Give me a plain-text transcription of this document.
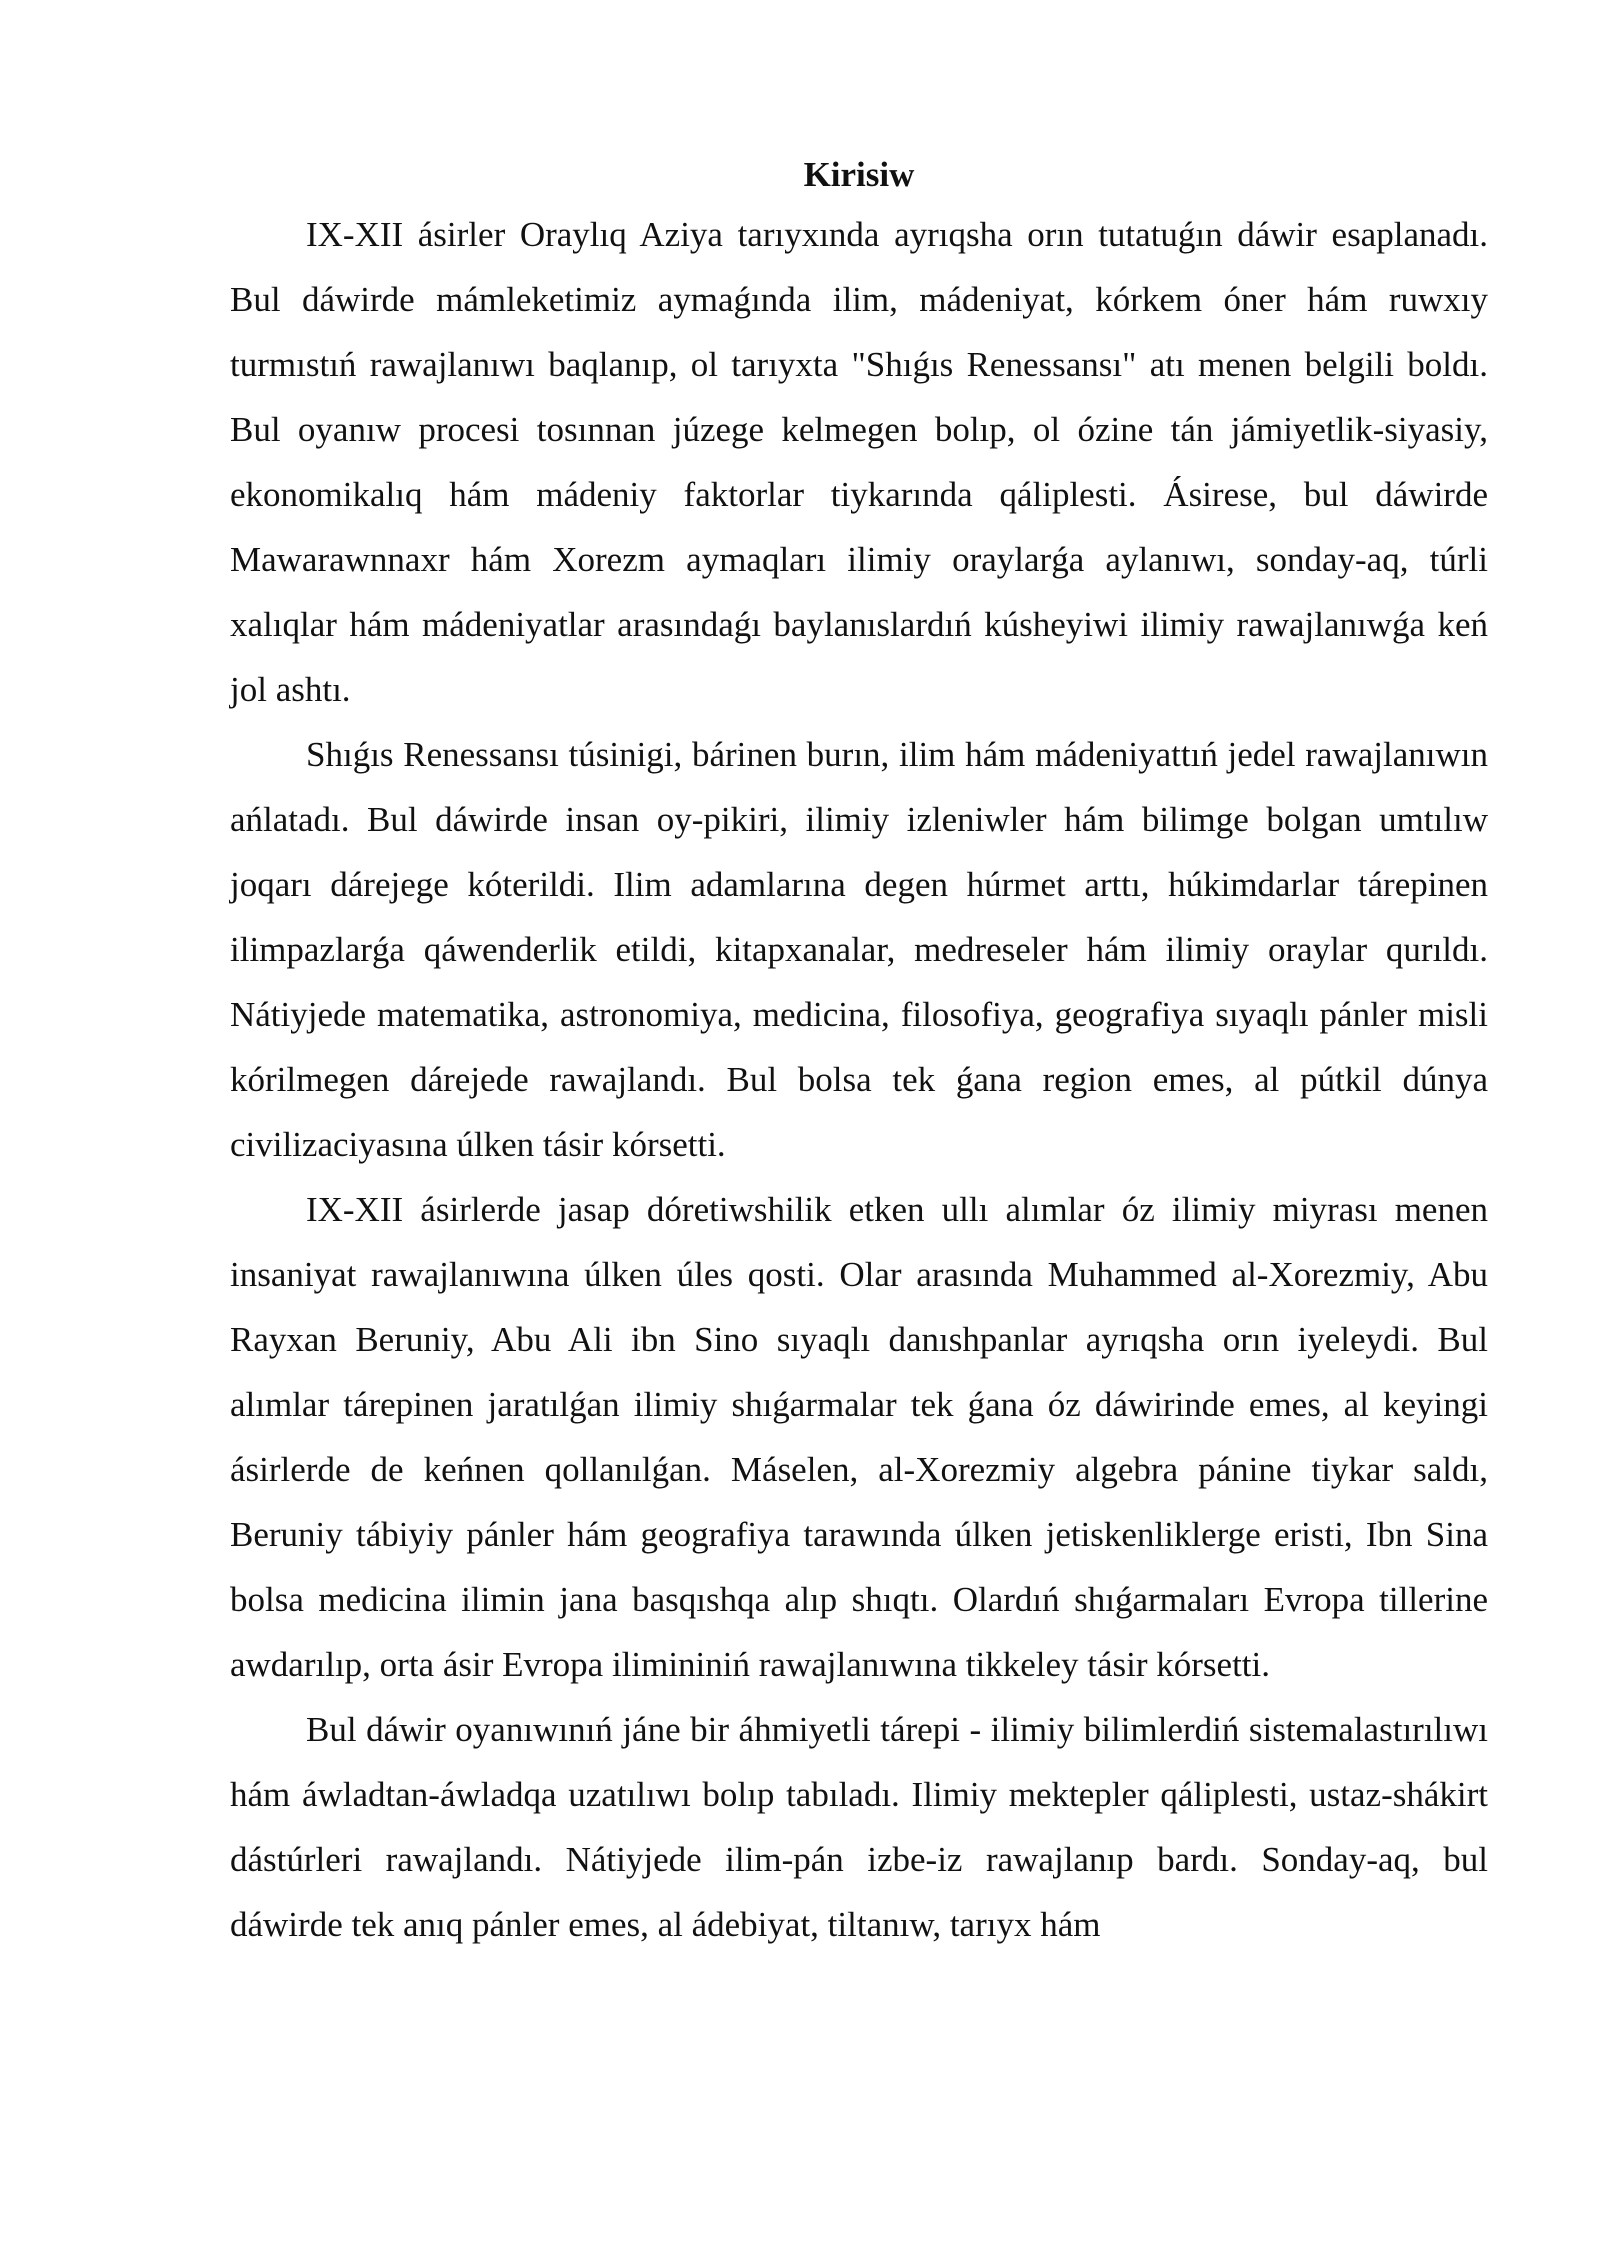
Kirisiw

IX-XII ásirler Oraylıq Aziya tarıyxında ayrıqsha orın tutatuǵın dáwir esaplanadı. Bul dáwirde mámleketimiz aymaǵında ilim, mádeniyat, kórkem óner hám ruwxıy turmıstıń rawajlanıwı baqlanıp, ol tarıyxta "Shıǵıs Renessansı" atı menen belgili boldı. Bul oyanıw procesi tosınnan júzege kelmegen bolıp, ol ózine tán jámiyetlik-siyasiy, ekonomikalıq hám mádeniy faktorlar tiykarında qáliplesti. Ásirese, bul dáwirde Mawarawnnaxr hám Xorezm aymaqları ilimiy oraylarǵa aylanıwı, sonday-aq, túrli xalıqlar hám mádeniyatlar arasındaǵı baylanıslardıń kúsheyiwi ilimiy rawajlanıwǵa keń jol ashtı.

Shıǵıs Renessansı túsinigi, bárinen burın, ilim hám mádeniyattıń jedel rawajlanıwın ańlatadı. Bul dáwirde insan oy-pikiri, ilimiy izleniwler hám bilimge bolgan umtılıw joqarı dárejege kóterildi. Ilim adamlarına degen húrmet arttı, húkimdarlar tárepinen ilimpazlarǵa qáwenderlik etildi, kitapxanalar, medreseler hám ilimiy oraylar qurıldı. Nátiyjede matematika, astronomiya, medicina, filosofiya, geografiya sıyaqlı pánler misli kórilmegen dárejede rawajlandı. Bul bolsa tek ǵana region emes, al pútkil dúnya civilizaciyasına úlken tásir kórsetti.

IX-XII ásirlerde jasap dóretiwshilik etken ullı alımlar óz ilimiy miyrası menen insaniyat rawajlanıwına úlken úles qosti. Olar arasında Muhammed al-Xorezmiy, Abu Rayxan Beruniy, Abu Ali ibn Sino sıyaqlı danıshpanlar ayrıqsha orın iyeleydi. Bul alımlar tárepinen jaratılǵan ilimiy shıǵarmalar tek ǵana óz dáwirinde emes, al keyingi ásirlerde de keńnen qollanılǵan. Máselen, al-Xorezmiy algebra pánine tiykar saldı, Beruniy tábiyiy pánler hám geografiya tarawında úlken jetiskenliklerge eristi, Ibn Sina bolsa medicina ilimin jana basqıshqa alıp shıqtı. Olardıń shıǵarmaları Evropa tillerine awdarılıp, orta ásir Evropa ilimininiń rawajlanıwına tikkeley tásir kórsetti.

Bul dáwir oyanıwınıń jáne bir áhmiyetli tárepi - ilimiy bilimlerdiń sistemalastırılıwı hám áwladtan-áwladqa uzatılıwı bolıp tabıladı. Ilimiy mektepler qáliplesti, ustaz-shákirt dástúrleri rawajlandı. Nátiyjede ilim-pán izbe-iz rawajlanıp bardı. Sonday-aq, bul dáwirde tek anıq pánler emes, al ádebiyat, tiltanıw, tarıyx hám
